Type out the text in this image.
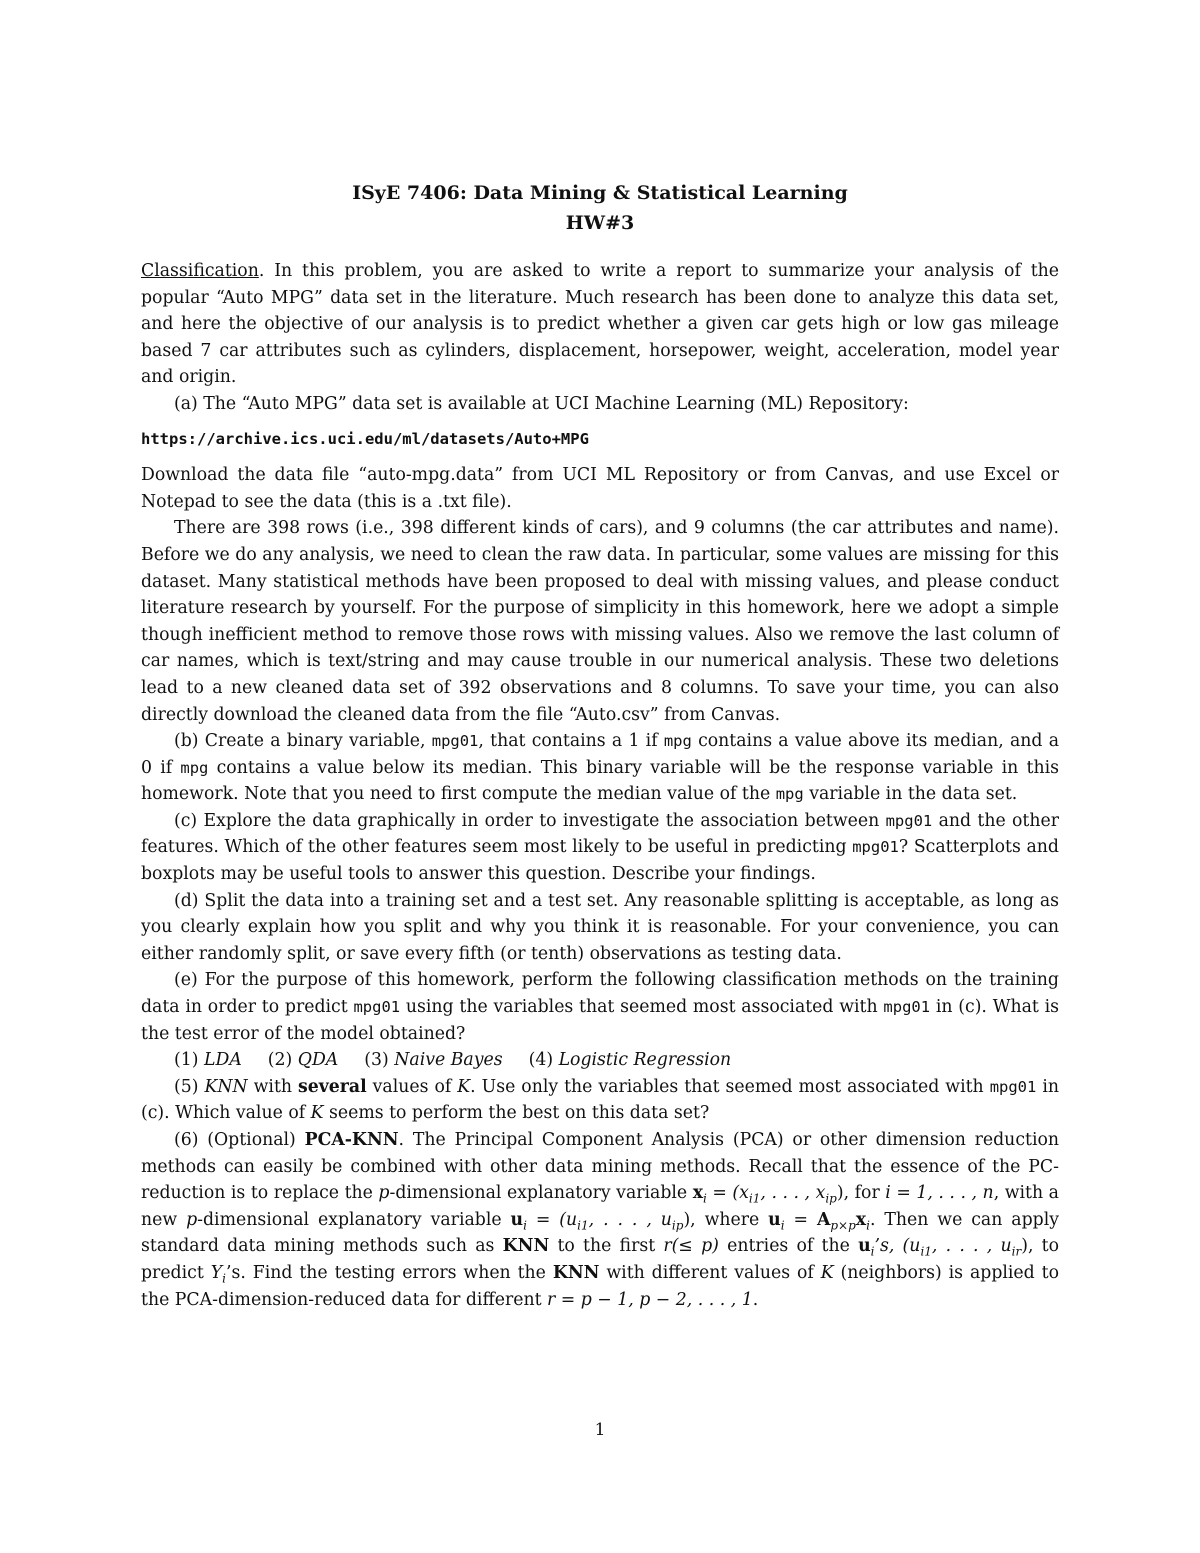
ISyE 7406: Data Mining & Statistical Learning

HW#3

Classification. In this problem, you are asked to write a report to summarize your analysis of the popular “Auto MPG” data set in the literature. Much research has been done to analyze this data set, and here the objective of our analysis is to predict whether a given car gets high or low gas mileage based 7 car attributes such as cylinders, displacement, horsepower, weight, acceleration, model year and origin.

(a) The “Auto MPG” data set is available at UCI Machine Learning (ML) Repository:

https://archive.ics.uci.edu/ml/datasets/Auto+MPG

Download the data file “auto-mpg.data” from UCI ML Repository or from Canvas, and use Excel or Notepad to see the data (this is a .txt file).

There are 398 rows (i.e., 398 different kinds of cars), and 9 columns (the car attributes and name). Before we do any analysis, we need to clean the raw data. In particular, some values are missing for this dataset. Many statistical methods have been proposed to deal with missing values, and please conduct literature research by yourself. For the purpose of simplicity in this homework, here we adopt a simple though inefficient method to remove those rows with missing values. Also we remove the last column of car names, which is text/string and may cause trouble in our numerical analysis. These two deletions lead to a new cleaned data set of 392 observations and 8 columns. To save your time, you can also directly download the cleaned data from the file “Auto.csv” from Canvas.

(b) Create a binary variable, mpg01, that contains a 1 if mpg contains a value above its median, and a 0 if mpg contains a value below its median. This binary variable will be the response variable in this homework. Note that you need to first compute the median value of the mpg variable in the data set.

(c) Explore the data graphically in order to investigate the association between mpg01 and the other features. Which of the other features seem most likely to be useful in predicting mpg01? Scatterplots and boxplots may be useful tools to answer this question. Describe your findings.

(d) Split the data into a training set and a test set. Any reasonable splitting is acceptable, as long as you clearly explain how you split and why you think it is reasonable. For your convenience, you can either randomly split, or save every fifth (or tenth) observations as testing data.

(e) For the purpose of this homework, perform the following classification methods on the training data in order to predict mpg01 using the variables that seemed most associated with mpg01 in (c). What is the test error of the model obtained?

(1) LDA (2) QDA (3) Naive Bayes (4) Logistic Regression

(5) KNN with several values of K. Use only the variables that seemed most associated with mpg01 in (c). Which value of K seems to perform the best on this data set?

(6) (Optional) PCA-KNN. The Principal Component Analysis (PCA) or other dimension reduction methods can easily be combined with other data mining methods. Recall that the essence of the PC-reduction is to replace the p-dimensional explanatory variable $x_i = (x_{i1}$, . . . , $x_{ip}$), for i = 1, . . . , n, with a new p-dimensional explanatory variable $u_i = (u_{i1}$, . . . , $u_{ip}$), where $u_i = A_{p\times p}x_i$. Then we can apply standard data mining methods such as KNN to the first r(≤ p) entries of the $u_i’s$, ($u_{i1}$, . . . , $u_{ir}$), to predict $Y_i’s$. Find the testing errors when the KNN with different values of K (neighbors) is applied to the PCA-dimension-reduced data for different r = p − 1, p − 2, . . . , 1.

1
